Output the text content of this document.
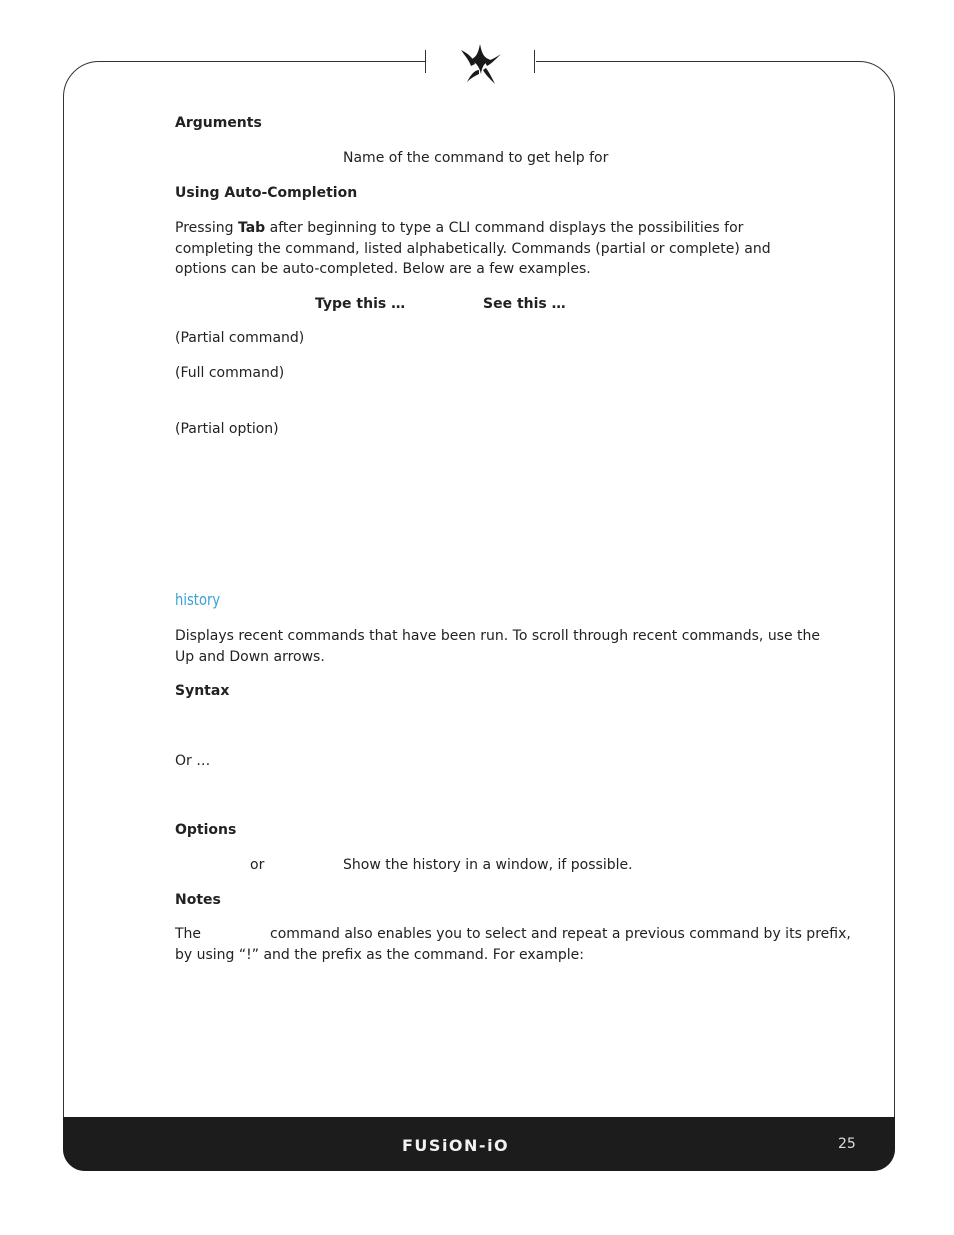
Arguments
Name of the command to get help for
Using Auto-Completion
Pressing Tab after beginning to type a CLI command displays the possibilities for completing the command, listed alphabetically. Commands (partial or complete) and options can be auto-completed. Below are a few examples.
Type this …	See this …
(Partial command)
(Full command)
(Partial option)
history
Displays recent commands that have been run. To scroll through recent commands, use the Up and Down arrows.
Syntax
Or …
Options
or	Show the history in a window, if possible.
Notes
The	command also enables you to select and repeat a previous command by its prefix,
by using “!” and the prefix as the command. For example:
FUSiON-iO	25
